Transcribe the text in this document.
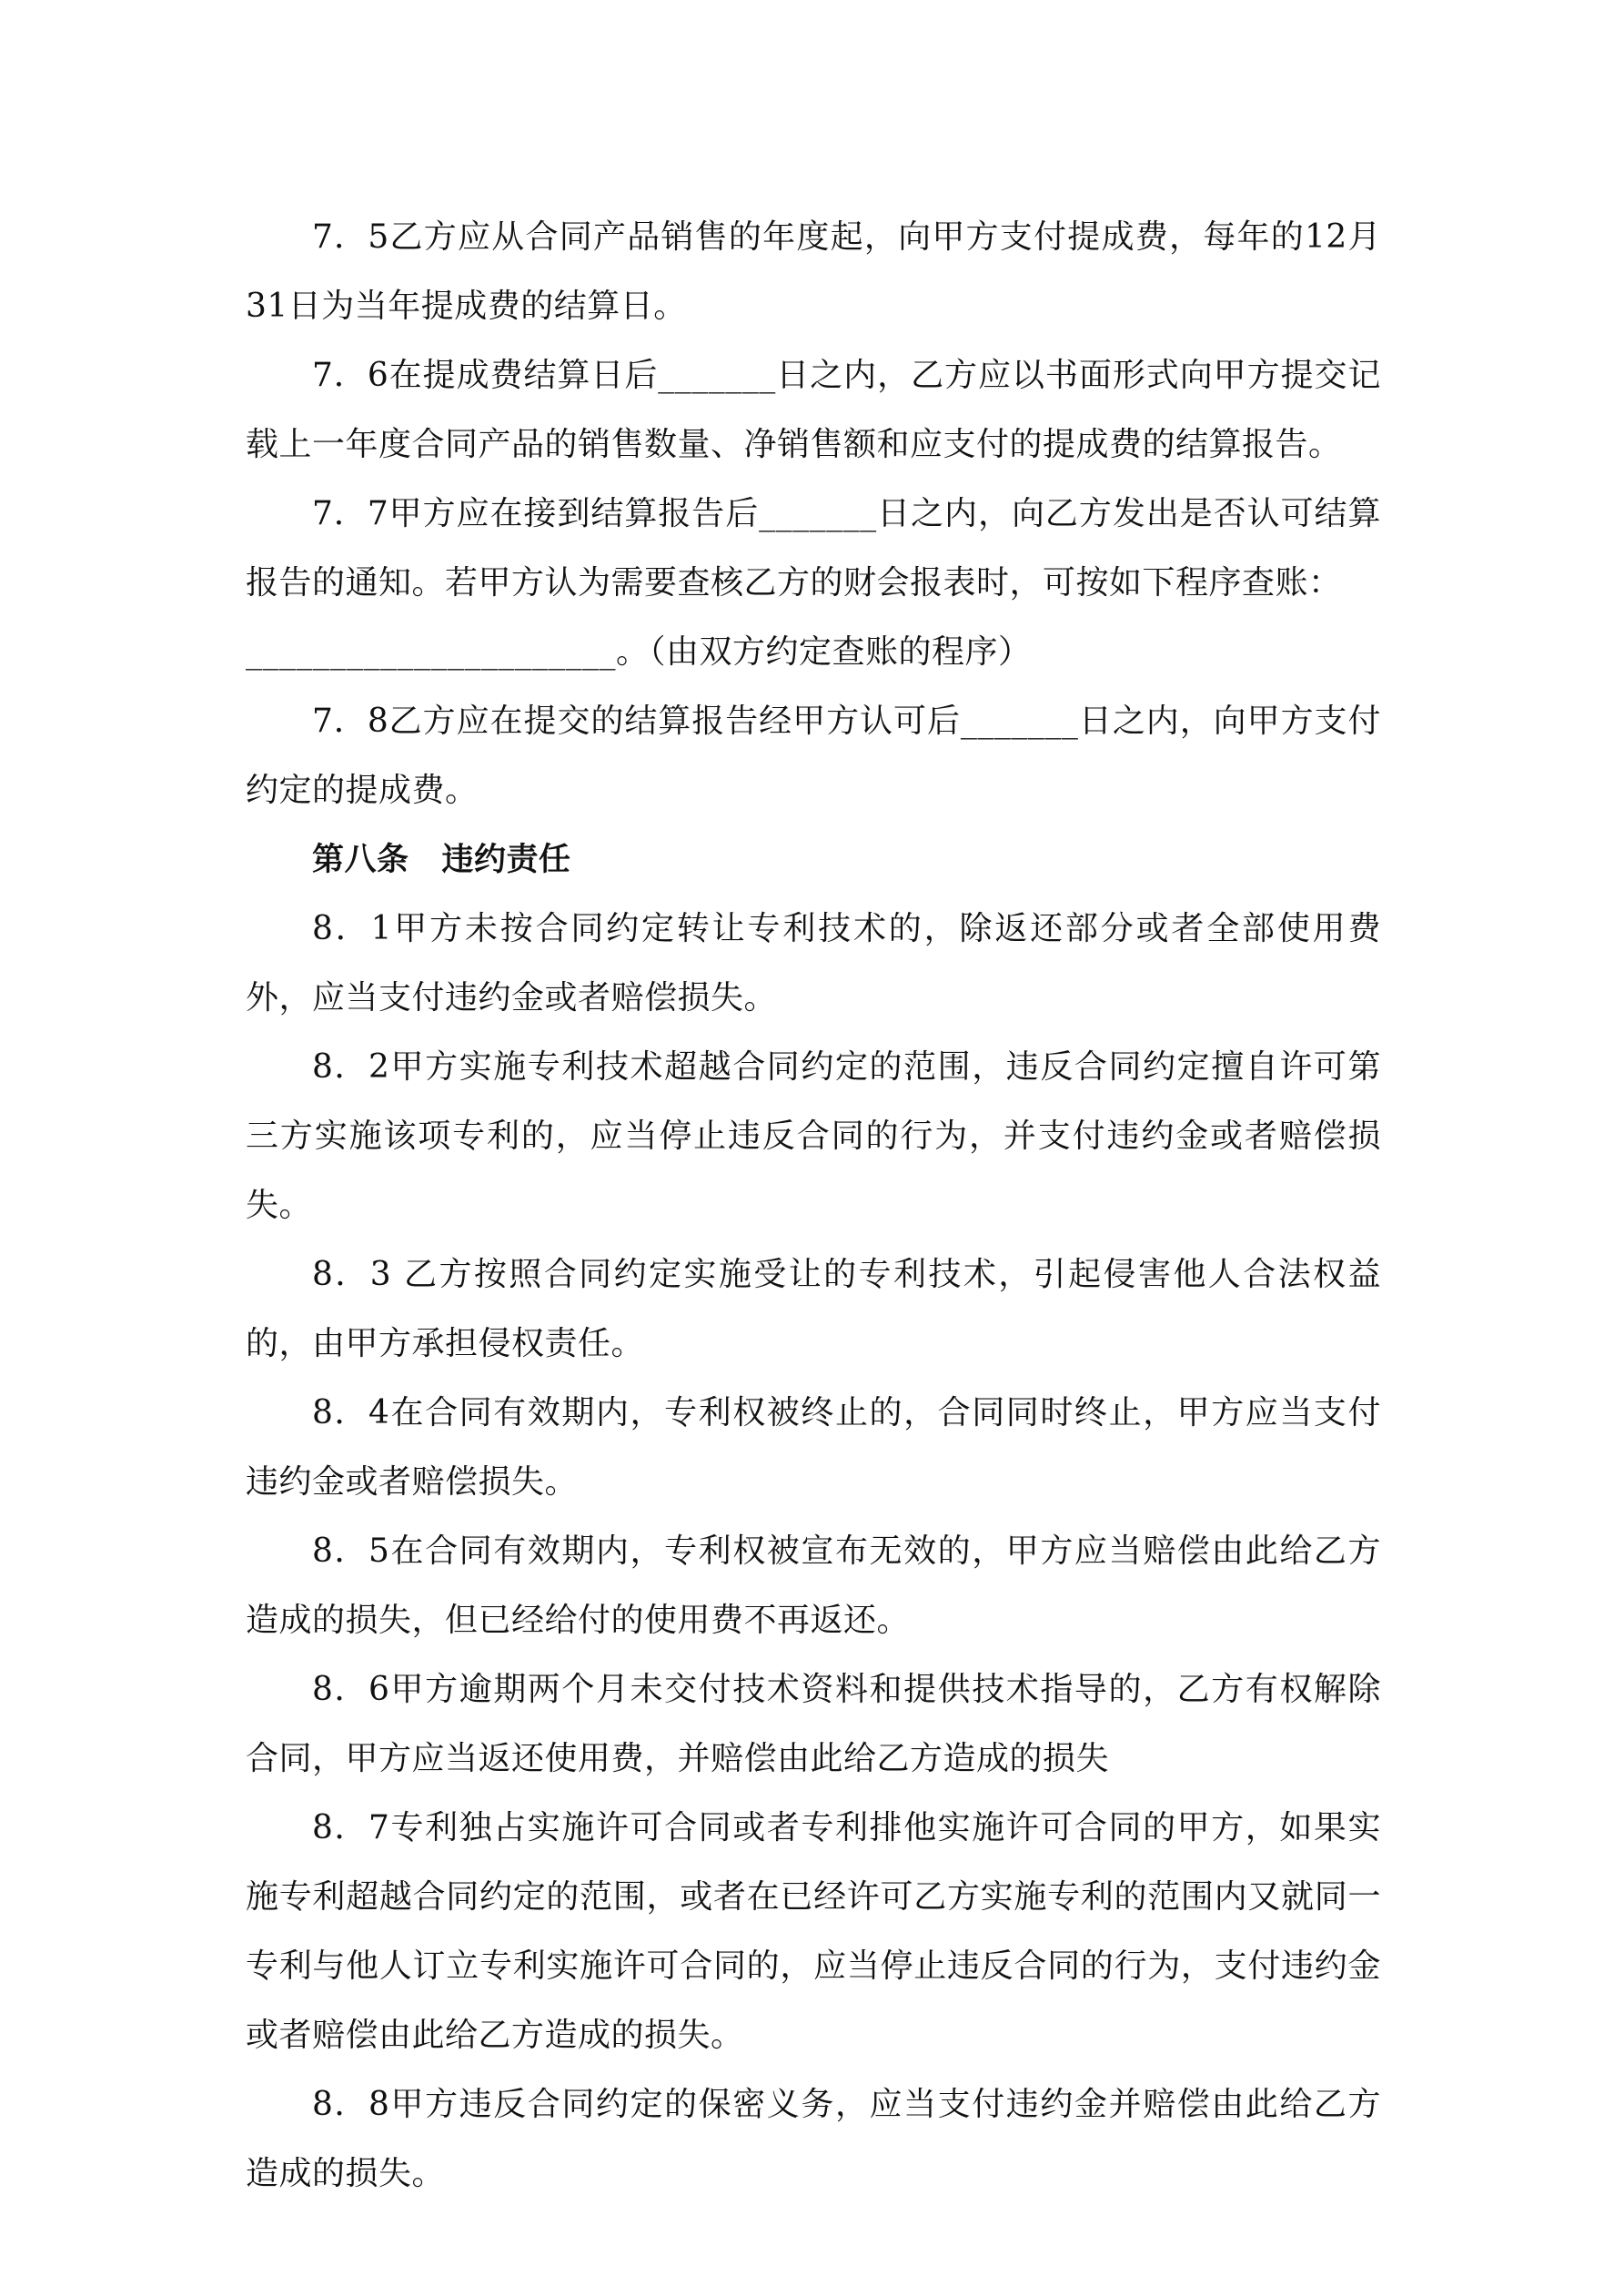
7．5乙方应从合同产品销售的年度起，向甲方支付提成费，每年的12月31日为当年提成费的结算日。

7．6在提成费结算日后_______日之内，乙方应以书面形式向甲方提交记载上一年度合同产品的销售数量、净销售额和应支付的提成费的结算报告。

7．7甲方应在接到结算报告后_______日之内，向乙方发出是否认可结算报告的通知。若甲方认为需要查核乙方的财会报表时，可按如下程序查账：

______________________。（由双方约定查账的程序）

7．8乙方应在提交的结算报告经甲方认可后_______日之内，向甲方支付约定的提成费。

第八条 违约责任

8．1甲方未按合同约定转让专利技术的，除返还部分或者全部使用费外，应当支付违约金或者赔偿损失。

8．2甲方实施专利技术超越合同约定的范围，违反合同约定擅自许可第三方实施该项专利的，应当停止违反合同的行为，并支付违约金或者赔偿损失。

8．3 乙方按照合同约定实施受让的专利技术，引起侵害他人合法权益的，由甲方承担侵权责任。

8．4在合同有效期内，专利权被终止的，合同同时终止，甲方应当支付违约金或者赔偿损失。

8．5在合同有效期内，专利权被宣布无效的，甲方应当赔偿由此给乙方造成的损失，但已经给付的使用费不再返还。

8．6甲方逾期两个月未交付技术资料和提供技术指导的，乙方有权解除合同，甲方应当返还使用费，并赔偿由此给乙方造成的损失

8．7专利独占实施许可合同或者专利排他实施许可合同的甲方，如果实施专利超越合同约定的范围，或者在已经许可乙方实施专利的范围内又就同一专利与他人订立专利实施许可合同的，应当停止违反合同的行为，支付违约金或者赔偿由此给乙方造成的损失。

8．8甲方违反合同约定的保密义务，应当支付违约金并赔偿由此给乙方造成的损失。
